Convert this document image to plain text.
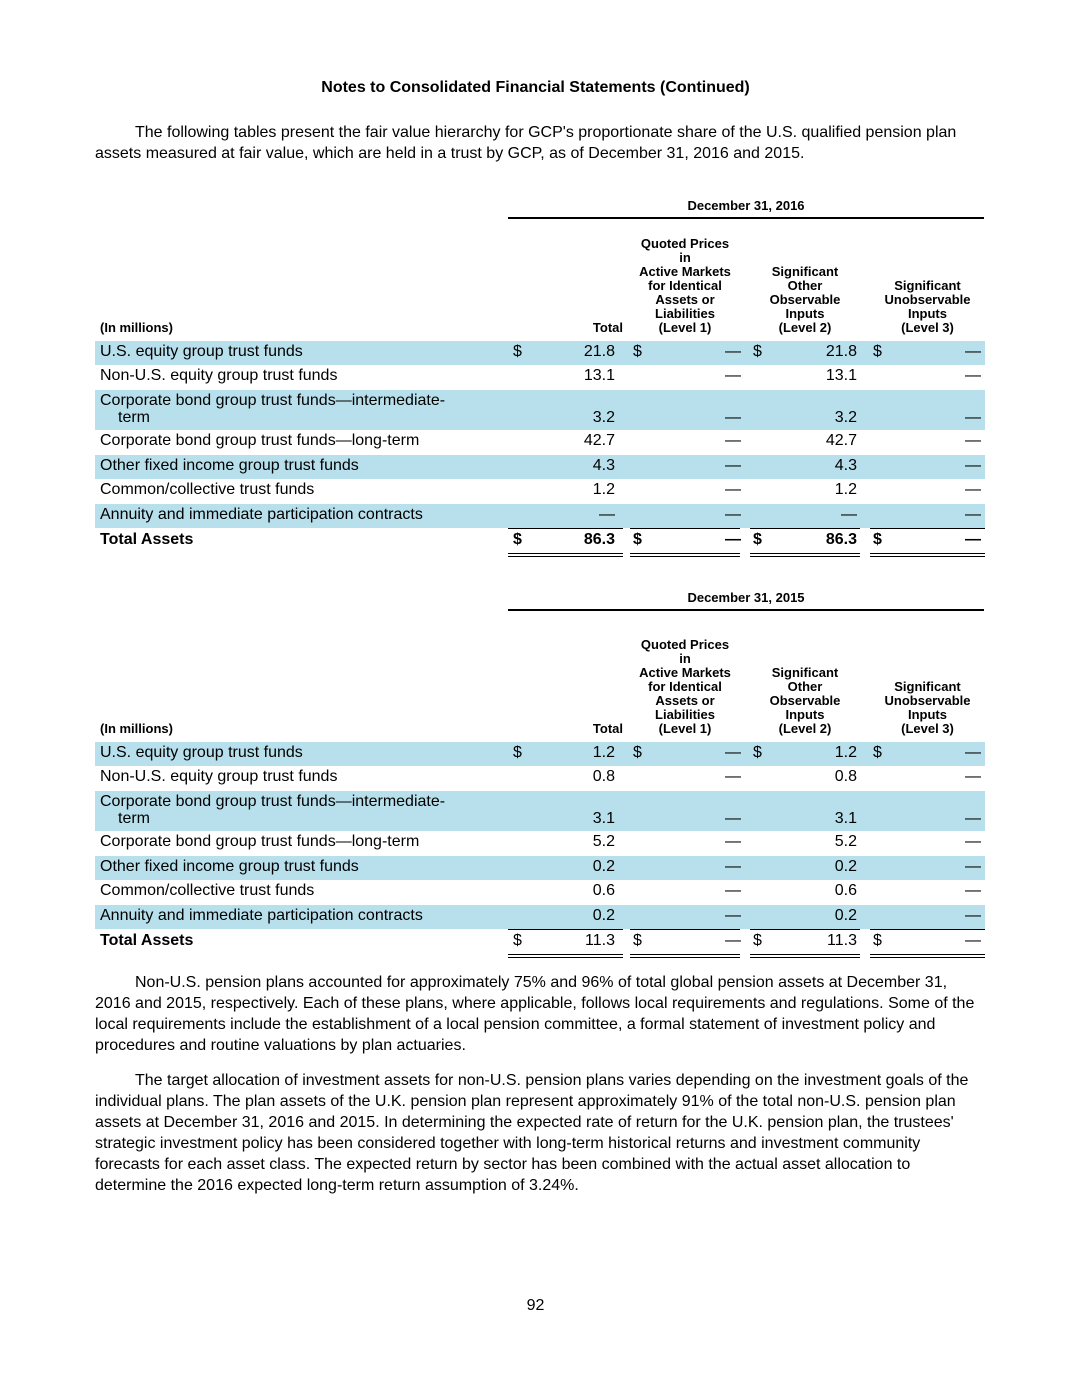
Notes to Consolidated Financial Statements (Continued)

The following tables present the fair value hierarchy for GCP's proportionate share of the U.S. qualified pension plan assets measured at fair value, which are held in a trust by GCP, as of December 31, 2016 and 2015.

December 31, 2016
(In millions)	Total
Quoted Prices
in
Active Markets
for Identical
Assets or
Liabilities
(Level 1)
Significant
Other
Observable
Inputs
(Level 2)
Significant
Unobservable
Inputs
(Level 3)
U.S. equity group trust funds	$	21.8 $	— $	21.8 $	—
Non-U.S. equity group trust funds	13.1	—	13.1	—
Corporate bond group trust funds—intermediate-
term	3.2	—	3.2	—
Corporate bond group trust funds—long-term	42.7	—	42.7	—
Other fixed income group trust funds	4.3	—	4.3	—
Common/collective trust funds	1.2	—	1.2	—
Annuity and immediate participation contracts	—	—	—	—
Total Assets	$	86.3 $	— $	86.3 $	—
December 31, 2015
(In millions)	Total
Quoted Prices
in
Active Markets
for Identical
Assets or
Liabilities
(Level 1)
Significant
Other
Observable
Inputs
(Level 2)
Significant
Unobservable
Inputs
(Level 3)
U.S. equity group trust funds	$	1.2 $	— $	1.2 $	—
Non-U.S. equity group trust funds	0.8	—	0.8	—
Corporate bond group trust funds—intermediate-
term	3.1	—	3.1	—
Corporate bond group trust funds—long-term	5.2	—	5.2	—
Other fixed income group trust funds	0.2	—	0.2	—
Common/collective trust funds	0.6	—	0.6	—
Annuity and immediate participation contracts	0.2	—	0.2	—
Total Assets	$	11.3 $	— $	11.3 $	—

Non-U.S. pension plans accounted for approximately 75% and 96% of total global pension assets at December 31, 2016 and 2015, respectively. Each of these plans, where applicable, follows local requirements and regulations. Some of the local requirements include the establishment of a local pension committee, a formal statement of investment policy and procedures and routine valuations by plan actuaries.

The target allocation of investment assets for non-U.S. pension plans varies depending on the investment goals of the individual plans. The plan assets of the U.K. pension plan represent approximately 91% of the total non-U.S. pension plan assets at December 31, 2016 and 2015. In determining the expected rate of return for the U.K. pension plan, the trustees' strategic investment policy has been considered together with long-term historical returns and investment community forecasts for each asset class. The expected return by sector has been combined with the actual asset allocation to determine the 2016 expected long-term return assumption of 3.24%.

92
